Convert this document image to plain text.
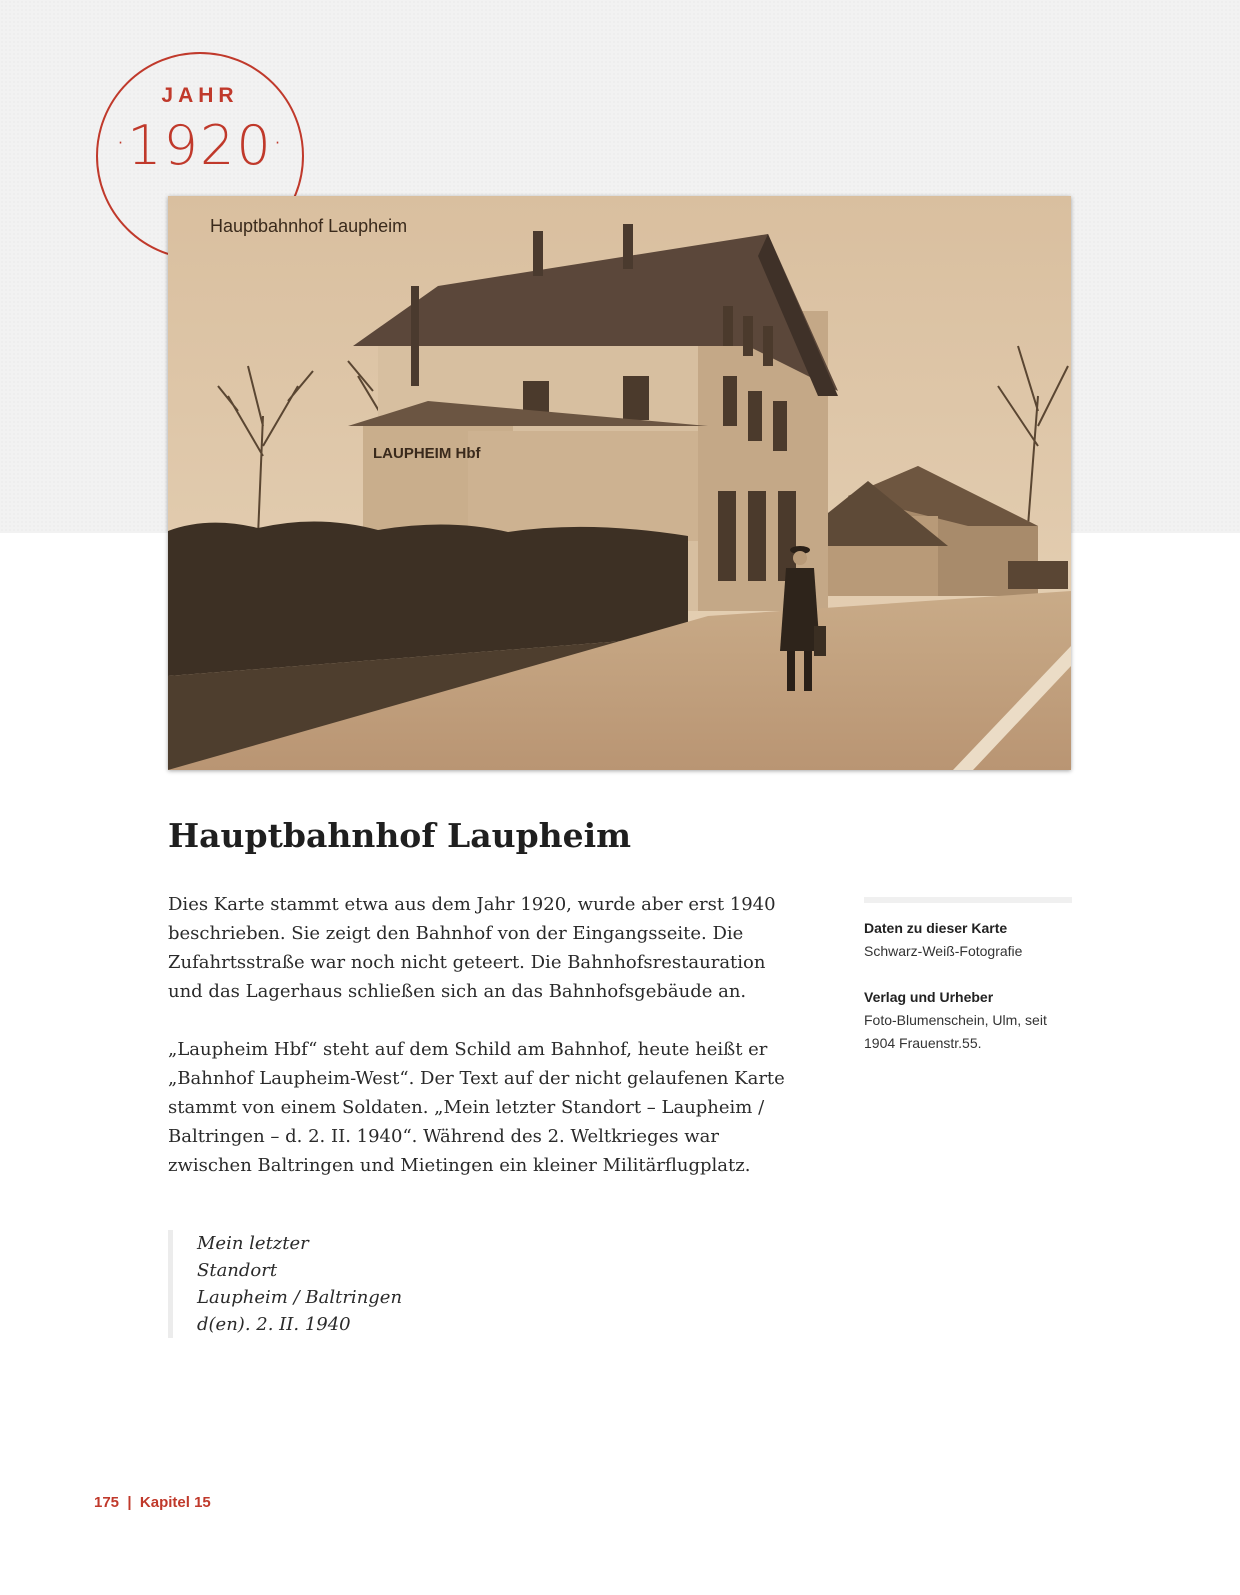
JAHR
·1920·
LAUPHEIM Hbf
Hauptbahnhof Laupheim
Hauptbahnhof Laupheim

Dies Karte stammt etwa aus dem Jahr 1920, wurde aber erst 1940 beschrieben. Sie zeigt den Bahnhof von der Eingangsseite. Die Zufahrtsstraße war noch nicht geteert. Die Bahnhofsrestauration und das Lagerhaus schließen sich an das Bahnhofsgebäude an.

„Laupheim Hbf“ steht auf dem Schild am Bahnhof, heute heißt er „Bahnhof Laupheim-West“. Der Text auf der nicht gelaufenen Karte stammt von einem Soldaten. „Mein letzter Standort – Laupheim / Baltringen – d. 2. II. 1940“. Während des 2. Weltkrieges war zwischen Baltringen und Mietingen ein kleiner Militärflugplatz.

Mein letzter
Standort
Laupheim / Baltringen
d(en). 2. II. 1940
Daten zu dieser Karte
Schwarz-Weiß-Fotografie
Verlag und Urheber
Foto-Blumenschein, Ulm, seit 1904 Frauenstr.55.
175  |  Kapitel 15
